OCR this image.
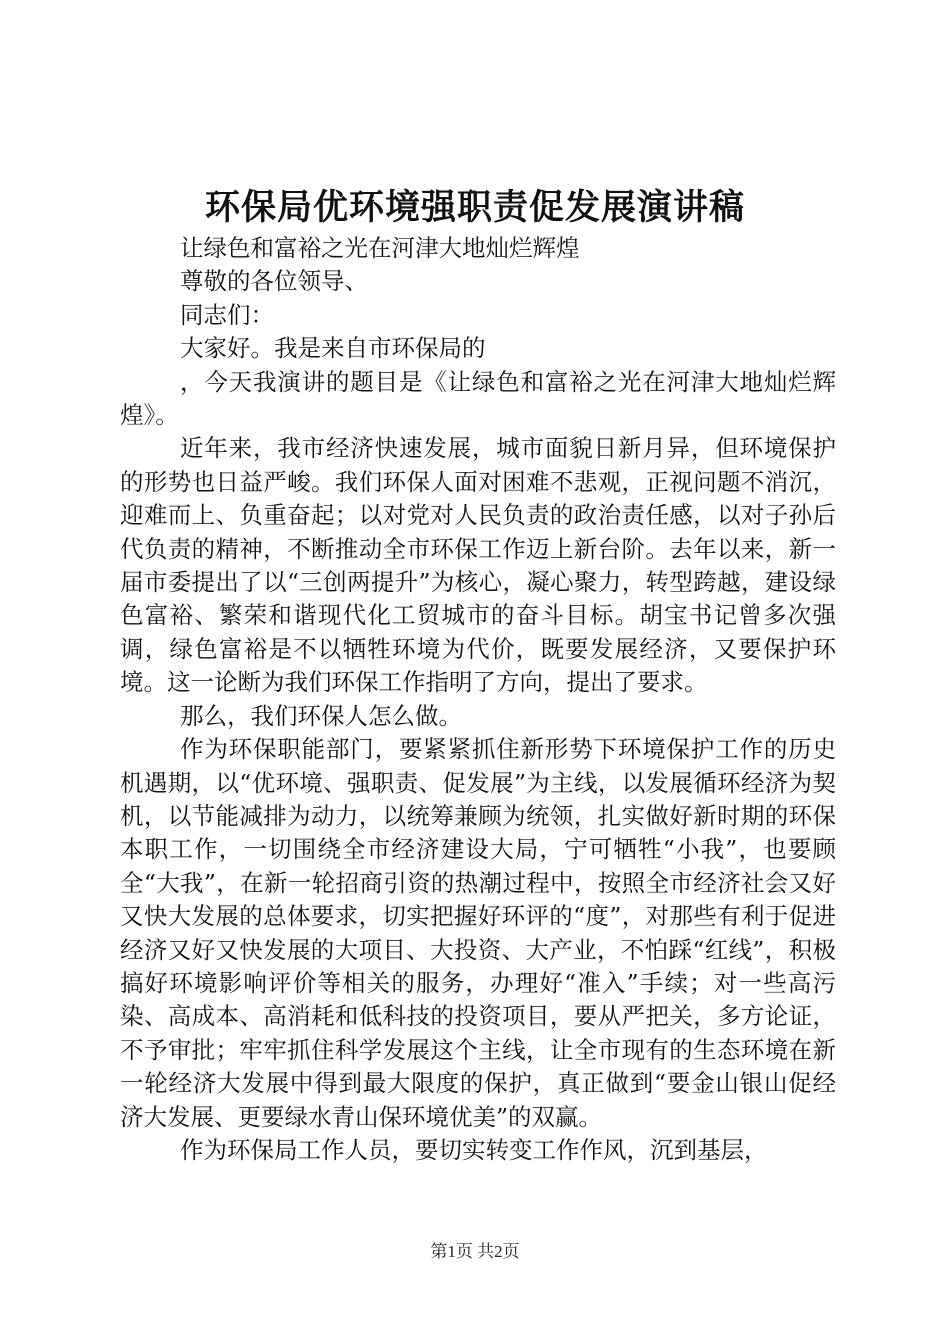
环保局优环境强职责促发展演讲稿

让绿色和富裕之光在河津大地灿烂辉煌

尊敬的各位领导、

同志们：

大家好。我是来自市环保局的

，今天我演讲的题目是《让绿色和富裕之光在河津大地灿烂辉煌》。

近年来，我市经济快速发展，城市面貌日新月异，但环境保护的形势也日益严峻。我们环保人面对困难不悲观，正视问题不消沉，迎难而上、负重奋起；以对党对人民负责的政治责任感，以对子孙后代负责的精神，不断推动全市环保工作迈上新台阶。去年以来，新一届市委提出了以“三创两提升”为核心，凝心聚力，转型跨越，建设绿色富裕、繁荣和谐现代化工贸城市的奋斗目标。胡宝书记曾多次强调，绿色富裕是不以牺牲环境为代价，既要发展经济，又要保护环境。这一论断为我们环保工作指明了方向，提出了要求。

那么，我们环保人怎么做。

作为环保职能部门，要紧紧抓住新形势下环境保护工作的历史机遇期，以“优环境、强职责、促发展”为主线，以发展循环经济为契机，以节能减排为动力，以统筹兼顾为统领，扎实做好新时期的环保本职工作，一切围绕全市经济建设大局，宁可牺牲“小我”，也要顾全“大我”，在新一轮招商引资的热潮过程中，按照全市经济社会又好又快大发展的总体要求，切实把握好环评的“度”，对那些有利于促进经济又好又快发展的大项目、大投资、大产业，不怕踩“红线”，积极搞好环境影响评价等相关的服务，办理好“准入”手续；对一些高污染、高成本、高消耗和低科技的投资项目，要从严把关，多方论证，不予审批；牢牢抓住科学发展这个主线，让全市现有的生态环境在新一轮经济大发展中得到最大限度的保护，真正做到“要金山银山促经济大发展、更要绿水青山保环境优美”的双赢。

作为环保局工作人员，要切实转变工作作风，沉到基层，

第1页 共2页
